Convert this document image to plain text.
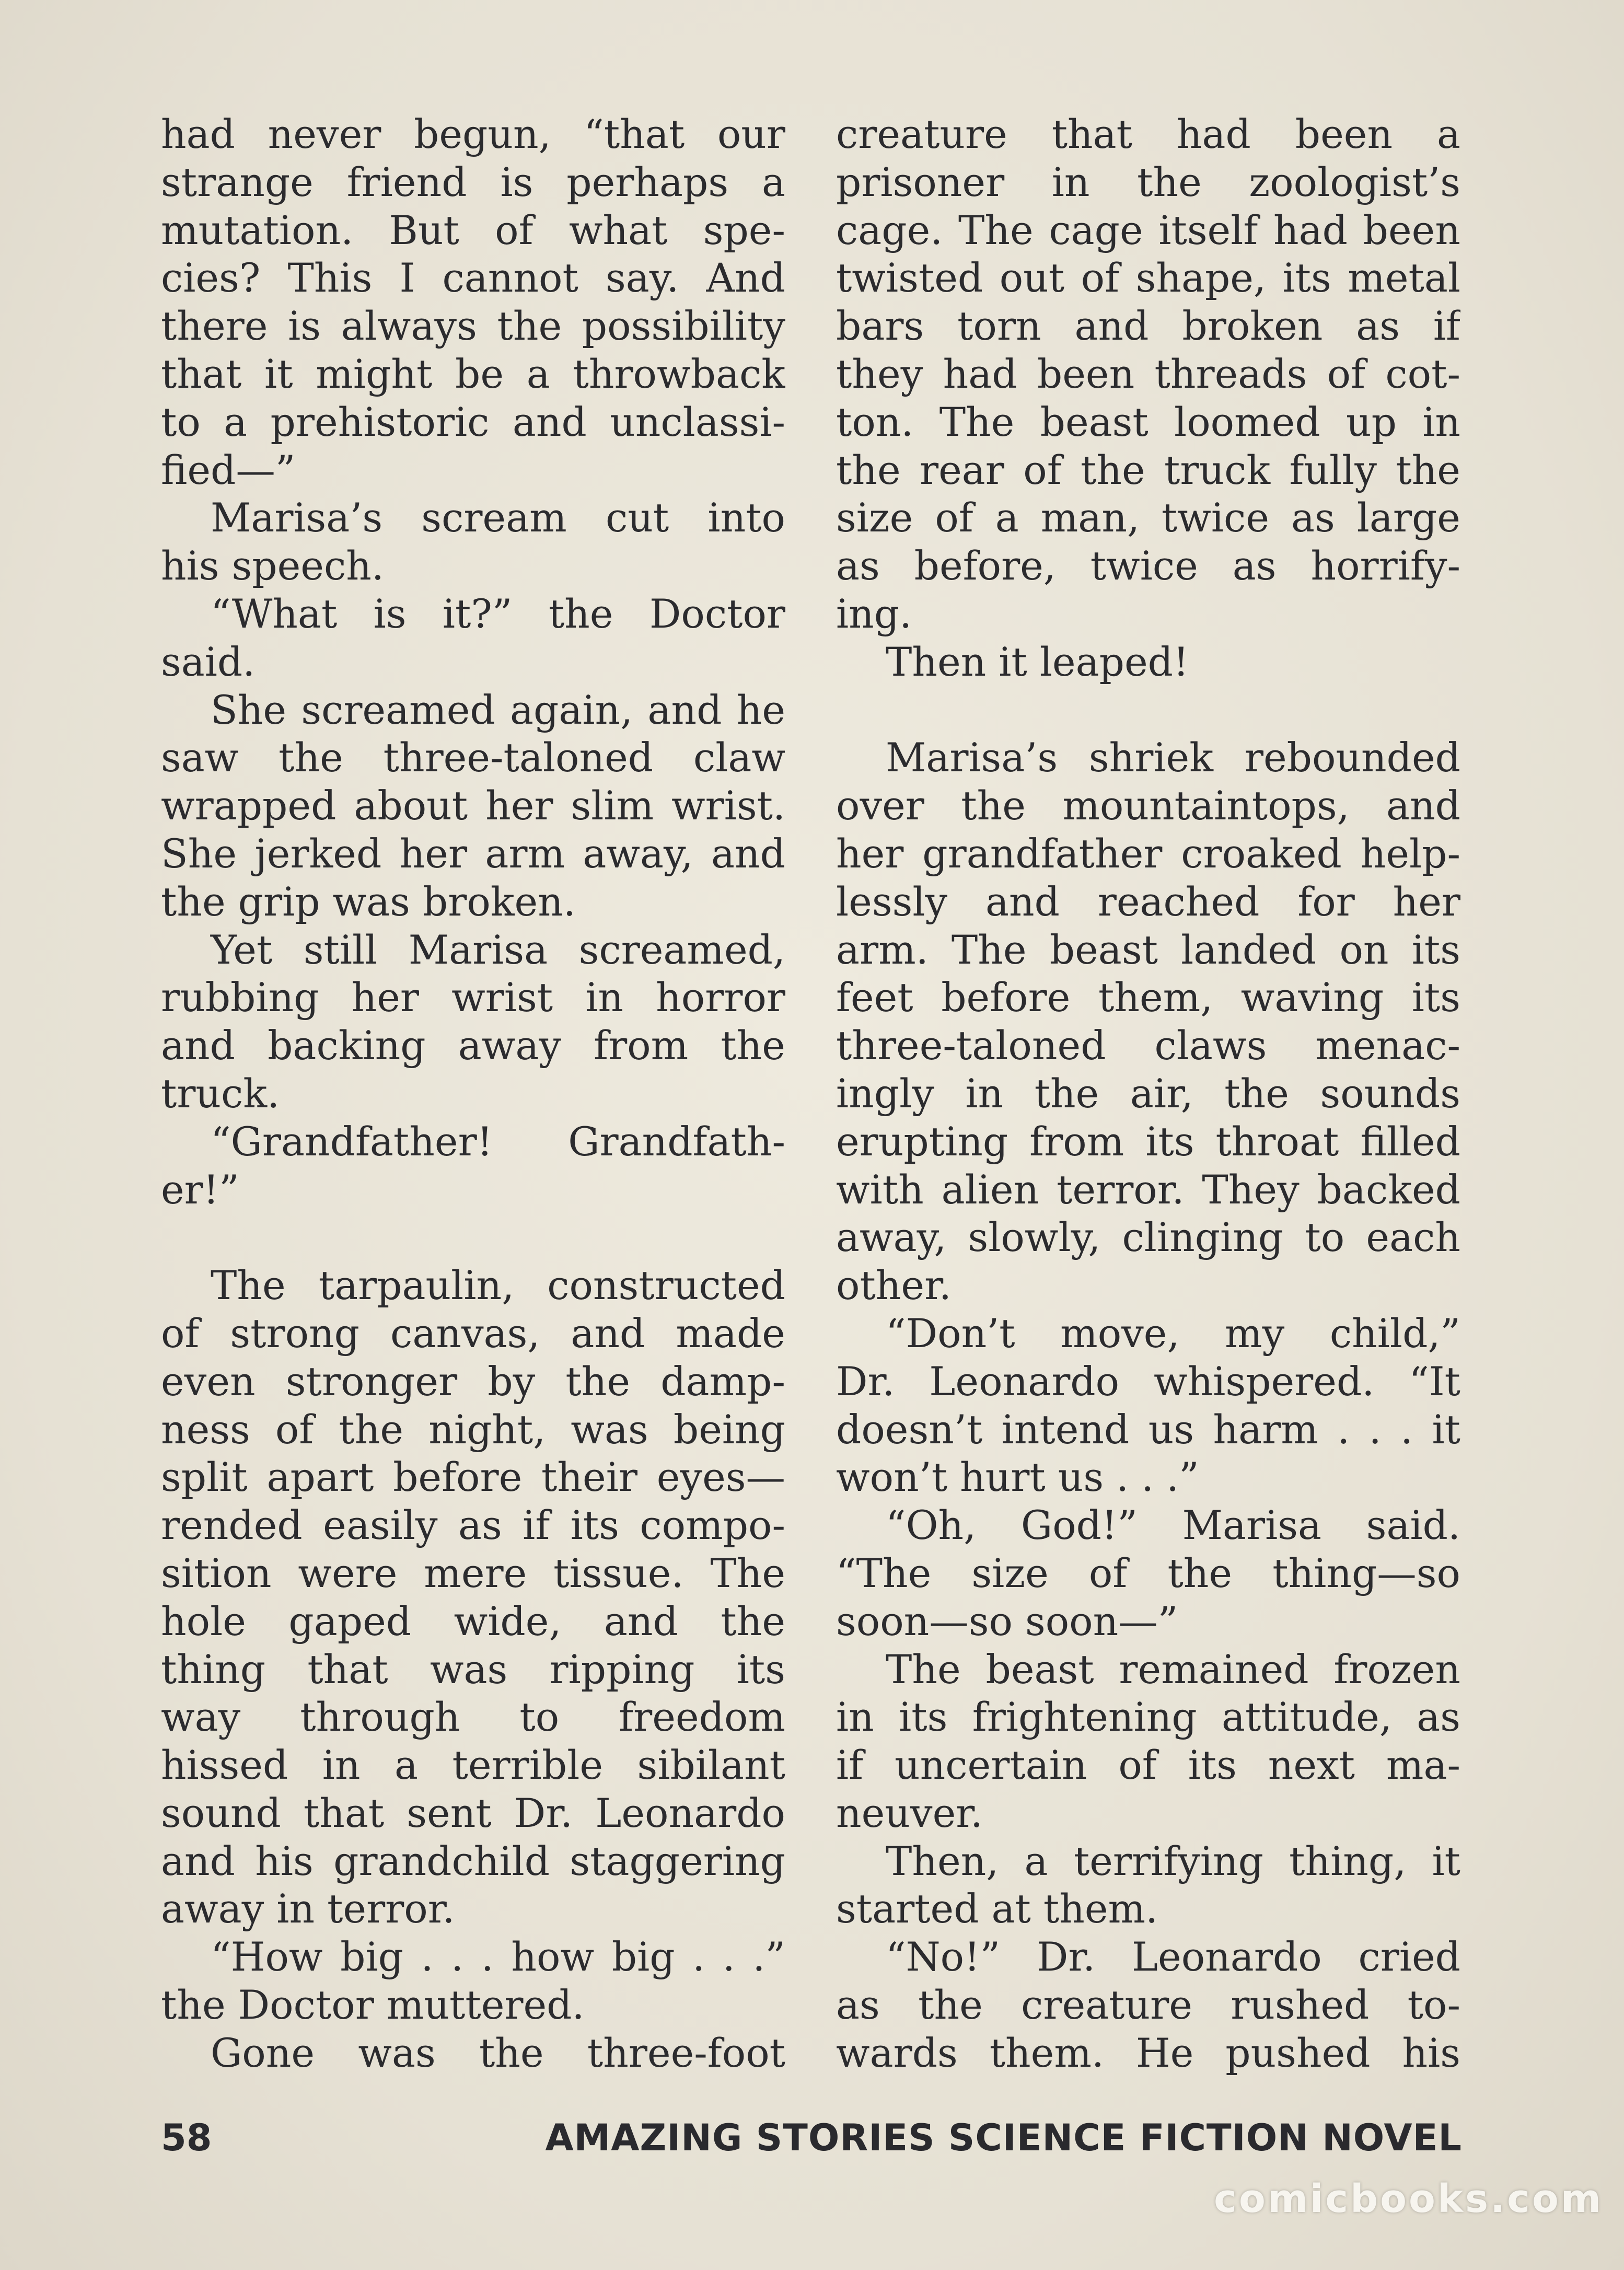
had never begun, “that our
strange friend is perhaps a
mutation. But of what spe-
cies? This I cannot say. And
there is always the possibility
that it might be a throwback
to a prehistoric and unclassi-
fied—”
Marisa’s scream cut into
his speech.
“What is it?” the Doctor
said.
She screamed again, and he
saw the three-taloned claw
wrapped about her slim wrist.
She jerked her arm away, and
the grip was broken.
Yet still Marisa screamed,
rubbing her wrist in horror
and backing away from the
truck.
“Grandfather! Grandfath-
er!”
The tarpaulin, constructed
of strong canvas, and made
even stronger by the damp-
ness of the night, was being
split apart before their eyes—
rended easily as if its compo-
sition were mere tissue. The
hole gaped wide, and the
thing that was ripping its
way through to freedom
hissed in a terrible sibilant
sound that sent Dr. Leonardo
and his grandchild staggering
away in terror.
“How big . . . how big . . .”
the Doctor muttered.
Gone was the three-foot
creature that had been a
prisoner in the zoologist’s
cage. The cage itself had been
twisted out of shape, its metal
bars torn and broken as if
they had been threads of cot-
ton. The beast loomed up in
the rear of the truck fully the
size of a man, twice as large
as before, twice as horrify-
ing.
Then it leaped!
Marisa’s shriek rebounded
over the mountaintops, and
her grandfather croaked help-
lessly and reached for her
arm. The beast landed on its
feet before them, waving its
three-taloned claws menac-
ingly in the air, the sounds
erupting from its throat filled
with alien terror. They backed
away, slowly, clinging to each
other.
“Don’t move, my child,”
Dr. Leonardo whispered. “It
doesn’t intend us harm . . . it
won’t hurt us . . .”
“Oh, God!” Marisa said.
“The size of the thing—so
soon—so soon—”
The beast remained frozen
in its frightening attitude, as
if uncertain of its next ma-
neuver.
Then, a terrifying thing, it
started at them.
“No!” Dr. Leonardo cried
as the creature rushed to-
wards them. He pushed his
58	AMAZING STORIES SCIENCE FICTION NOVEL
comicbooks.com
